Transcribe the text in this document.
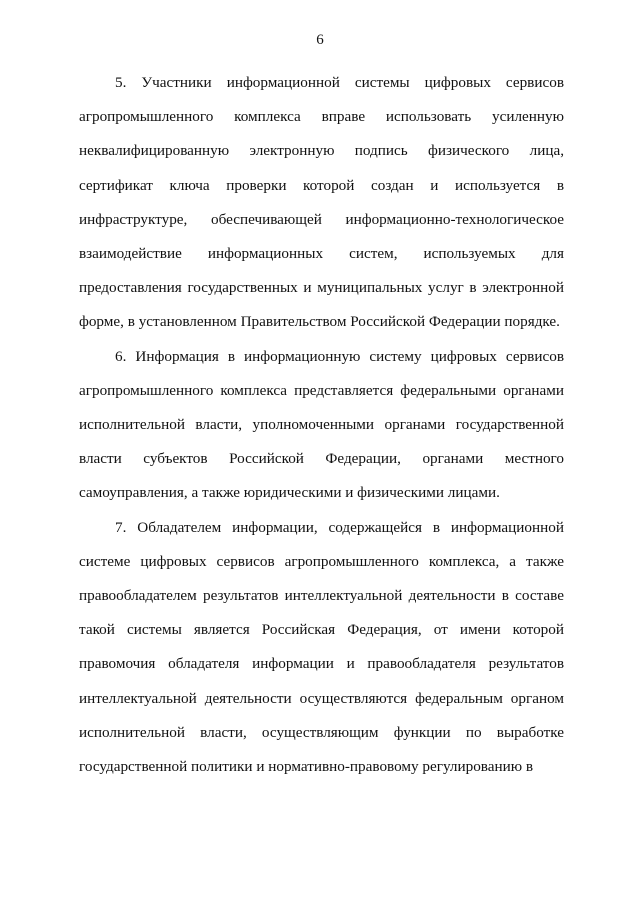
6

5. Участники информационной системы цифровых сервисов агропромышленного комплекса вправе использовать усиленную неквалифицированную электронную подпись физического лица, сертификат ключа проверки которой создан и используется в инфраструктуре, обеспечивающей информационно-технологическое взаимодействие информационных систем, используемых для предоставления государственных и муниципальных услуг в электронной форме, в установленном Правительством Российской Федерации порядке.

6. Информация в информационную систему цифровых сервисов агропромышленного комплекса представляется федеральными органами исполнительной власти, уполномоченными органами государственной власти субъектов Российской Федерации, органами местного самоуправления, а также юридическими и физическими лицами.

7. Обладателем информации, содержащейся в информационной системе цифровых сервисов агропромышленного комплекса, а также правообладателем результатов интеллектуальной деятельности в составе такой системы является Российская Федерация, от имени которой правомочия обладателя информации и правообладателя результатов интеллектуальной деятельности осуществляются федеральным органом исполнительной власти, осуществляющим функции по выработке государственной политики и нормативно-правовому регулированию в
